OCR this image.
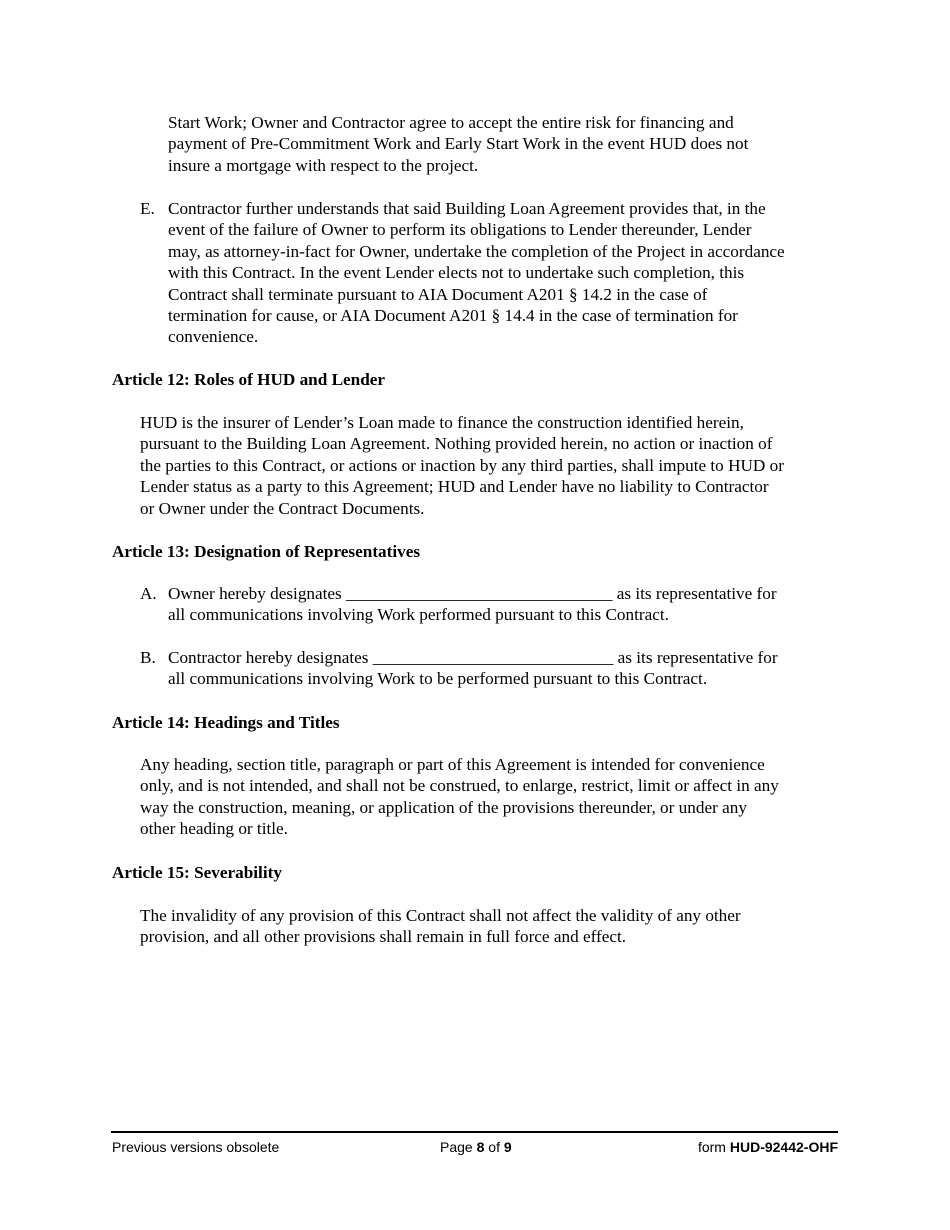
Start Work; Owner and Contractor agree to accept the entire risk for financing and

payment of Pre-Commitment Work and Early Start Work in the event HUD does not

insure a mortgage with respect to the project.

E. Contractor further understands that said Building Loan Agreement provides that, in the

event of the failure of Owner to perform its obligations to Lender thereunder, Lender

may, as attorney-in-fact for Owner, undertake the completion of the Project in accordance

with this Contract. In the event Lender elects not to undertake such completion, this

Contract shall terminate pursuant to AIA Document A201 § 14.2 in the case of

termination for cause, or AIA Document A201 § 14.4 in the case of termination for

convenience.

Article 12: Roles of HUD and Lender

HUD is the insurer of Lender’s Loan made to finance the construction identified herein,

pursuant to the Building Loan Agreement. Nothing provided herein, no action or inaction of

the parties to this Contract, or actions or inaction by any third parties, shall impute to HUD or

Lender status as a party to this Agreement; HUD and Lender have no liability to Contractor

or Owner under the Contract Documents.

Article 13: Designation of Representatives
A. Owner hereby designates _______________________________ as its representative for

all communications involving Work performed pursuant to this Contract.

B. Contractor hereby designates ____________________________ as its representative for

all communications involving Work to be performed pursuant to this Contract.

Article 14: Headings and Titles

Any heading, section title, paragraph or part of this Agreement is intended for convenience

only, and is not intended, and shall not be construed, to enlarge, restrict, limit or affect in any

way the construction, meaning, or application of the provisions thereunder, or under any

other heading or title.

Article 15: Severability

The invalidity of any provision of this Contract shall not affect the validity of any other

provision, and all other provisions shall remain in full force and effect.

Previous versions obsolete	Page 8 of 9	form HUD-92442-OHF
